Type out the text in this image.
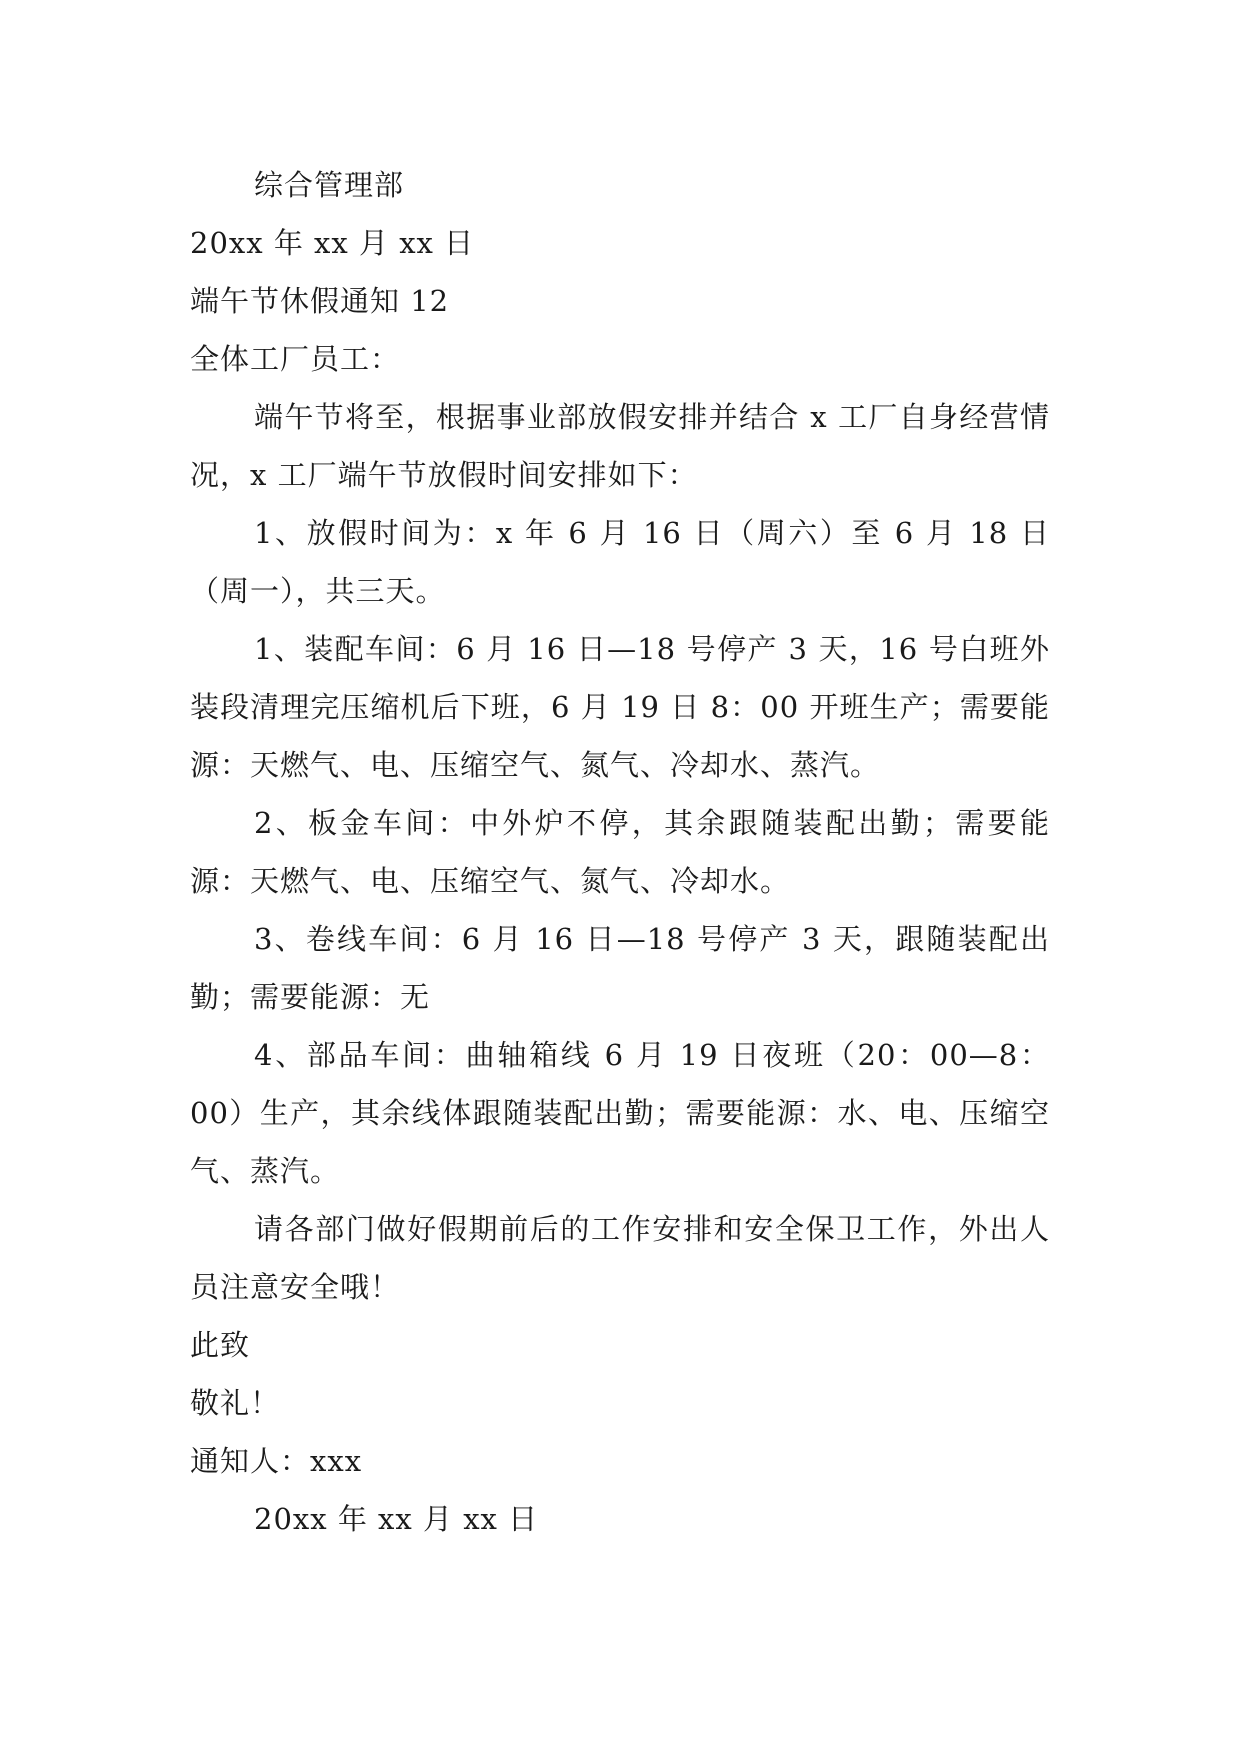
综合管理部

20xx 年 xx 月 xx 日

端午节休假通知 12

全体工厂员工：

端午节将至，根据事业部放假安排并结合 x 工厂自身经营情况，x 工厂端午节放假时间安排如下：

1、放假时间为：x 年 6 月 16 日（周六）至 6 月 18 日（周一），共三天。

1、装配车间：6 月 16 日—18 号停产 3 天，16 号白班外装段清理完压缩机后下班，6 月 19 日 8：00 开班生产；需要能源：天燃气、电、压缩空气、氮气、冷却水、蒸汽。

2、板金车间：中外炉不停，其余跟随装配出勤；需要能源：天燃气、电、压缩空气、氮气、冷却水。

3、卷线车间：6 月 16 日—18 号停产 3 天，跟随装配出勤；需要能源：无

4、部品车间：曲轴箱线 6 月 19 日夜班（20：00—8：00）生产，其余线体跟随装配出勤；需要能源：水、电、压缩空气、蒸汽。

请各部门做好假期前后的工作安排和安全保卫工作，外出人员注意安全哦！

此致

敬礼！

通知人：xxx

20xx 年 xx 月 xx 日
